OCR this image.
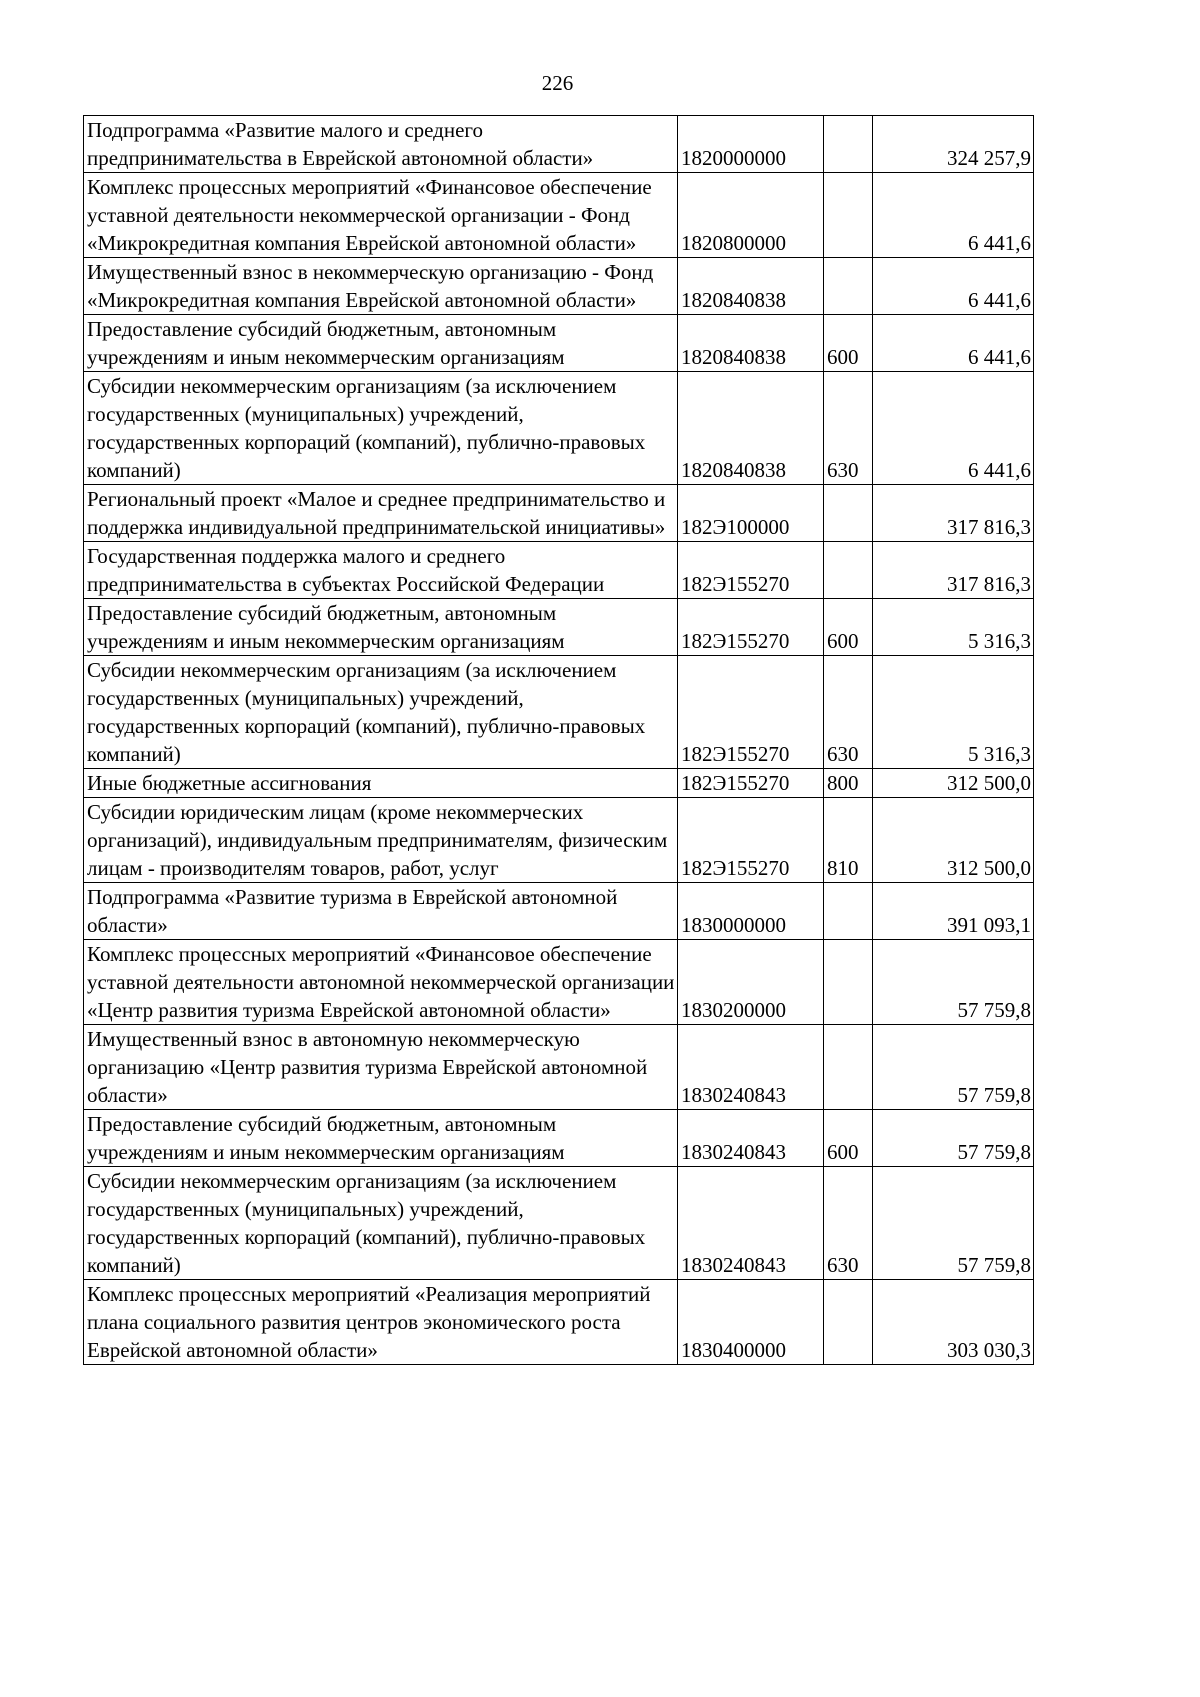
226
Подпрограмма «Развитие малого и среднего предпринимательства в Еврейской автономной области»	1820000000		324 257,9
Комплекс процессных мероприятий «Финансовое обеспечение уставной деятельности некоммерческой организации - Фонд «Микрокредитная компания Еврейской автономной области»	1820800000		6 441,6
Имущественный взнос в некоммерческую организацию - Фонд «Микрокредитная компания Еврейской автономной области»	1820840838		6 441,6
Предоставление субсидий бюджетным, автономным учреждениям и иным некоммерческим организациям	1820840838	600	6 441,6
Субсидии некоммерческим организациям (за исключением государственных (муниципальных) учреждений, государственных корпораций (компаний), публично-правовых компаний)	1820840838	630	6 441,6
Региональный проект «Малое и среднее предпринимательство и поддержка индивидуальной предпринимательской инициативы»	182Э100000		317 816,3
Государственная поддержка малого и среднего предпринимательства в субъектах Российской Федерации	182Э155270		317 816,3
Предоставление субсидий бюджетным, автономным учреждениям и иным некоммерческим организациям	182Э155270	600	5 316,3
Субсидии некоммерческим организациям (за исключением государственных (муниципальных) учреждений, государственных корпораций (компаний), публично-правовых компаний)	182Э155270	630	5 316,3
Иные бюджетные ассигнования	182Э155270	800	312 500,0
Субсидии юридическим лицам (кроме некоммерческих организаций), индивидуальным предпринимателям, физическим лицам - производителям товаров, работ, услуг	182Э155270	810	312 500,0
Подпрограмма «Развитие туризма в Еврейской автономной области»	1830000000		391 093,1
Комплекс процессных мероприятий «Финансовое обеспечение уставной деятельности автономной некоммерческой организации «Центр развития туризма Еврейской автономной области»	1830200000		57 759,8
Имущественный взнос в автономную некоммерческую организацию «Центр развития туризма Еврейской автономной области»	1830240843		57 759,8
Предоставление субсидий бюджетным, автономным учреждениям и иным некоммерческим организациям	1830240843	600	57 759,8
Субсидии некоммерческим организациям (за исключением государственных (муниципальных) учреждений, государственных корпораций (компаний), публично-правовых компаний)	1830240843	630	57 759,8
Комплекс процессных мероприятий «Реализация мероприятий плана социального развития центров экономического роста Еврейской автономной области»	1830400000		303 030,3
